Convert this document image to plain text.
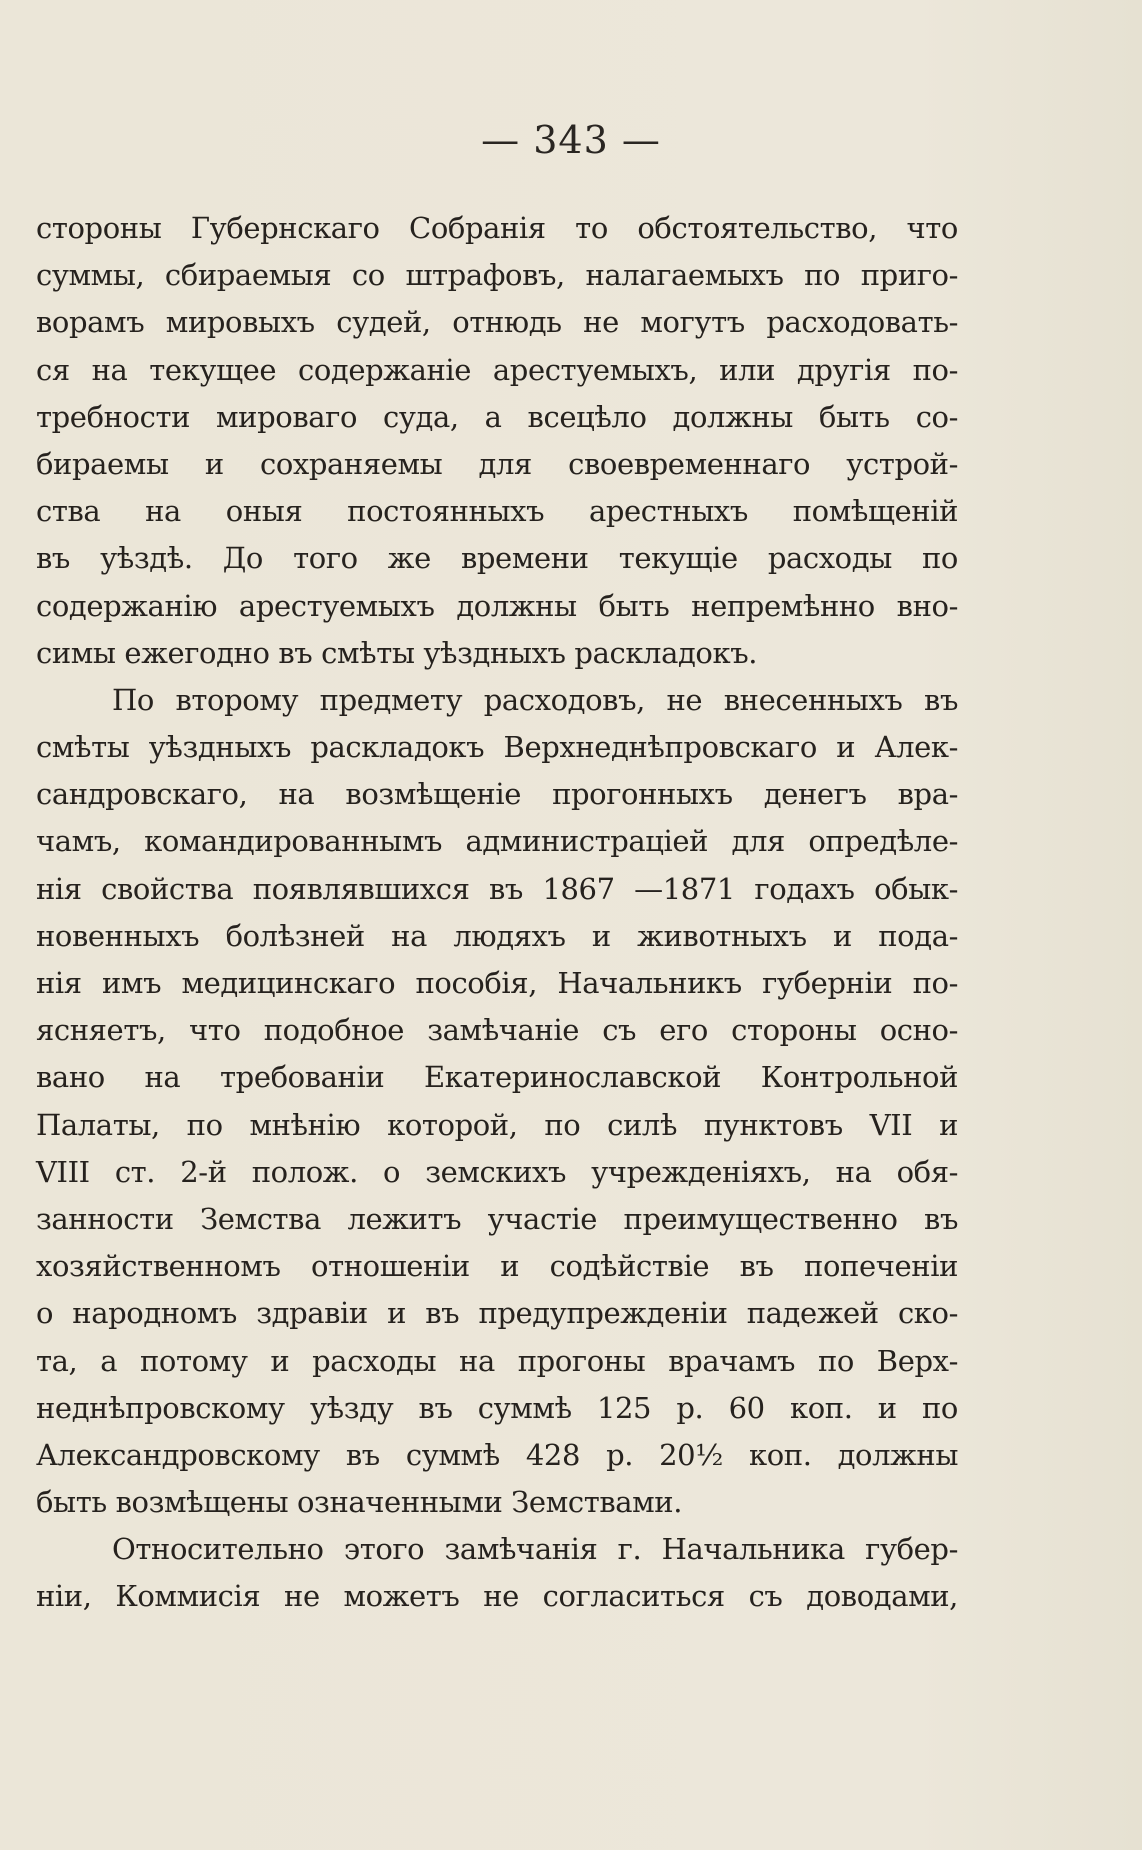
— 343 —
стороны Губернскаго Собранія то обстоятельство, что
суммы, сбираемыя со штрафовъ, налагаемыхъ по приго-
ворамъ мировыхъ судей, отнюдь не могутъ расходовать-
ся на текущее содержаніе арестуемыхъ, или другія по-
требности мироваго суда, а всецѣло должны быть со-
бираемы и сохраняемы для своевременнаго устрой-
ства на оныя постоянныхъ арестныхъ помѣщеній
въ уѣздѣ. До того же времени текущіе расходы по
содержанію арестуемыхъ должны быть непремѣнно вно-
симы ежегодно въ смѣты уѣздныхъ раскладокъ.
По второму предмету расходовъ, не внесенныхъ въ
смѣты уѣздныхъ раскладокъ Верхнеднѣпровскаго и Алек-
сандровскаго, на возмѣщеніе прогонныхъ денегъ вра-
чамъ, командированнымъ администраціей для опредѣле-
нія свойства появлявшихся въ 1867 —1871 годахъ обык-
новенныхъ болѣзней на людяхъ и животныхъ и пода-
нія имъ медицинскаго пособія, Начальникъ губерніи по-
ясняетъ, что подобное замѣчаніе съ его стороны осно-
вано на требованіи Екатеринославской Контрольной
Палаты, по мнѣнію которой, по силѣ пунктовъ VII и
VIII ст. 2-й полож. о земскихъ учрежденіяхъ, на обя-
занности Земства лежитъ участіе преимущественно въ
хозяйственномъ отношеніи и содѣйствіе въ попеченіи
о народномъ здравіи и въ предупрежденіи падежей ско-
та, а потому и расходы на прогоны врачамъ по Верх-
неднѣпровскому уѣзду въ суммѣ 125 р. 60 коп. и по
Александровскому въ суммѣ 428 р. 20½ коп. должны
быть возмѣщены означенными Земствами.
Относительно этого замѣчанія г. Начальника губер-
ніи, Коммисія не можетъ не согласиться съ доводами,
